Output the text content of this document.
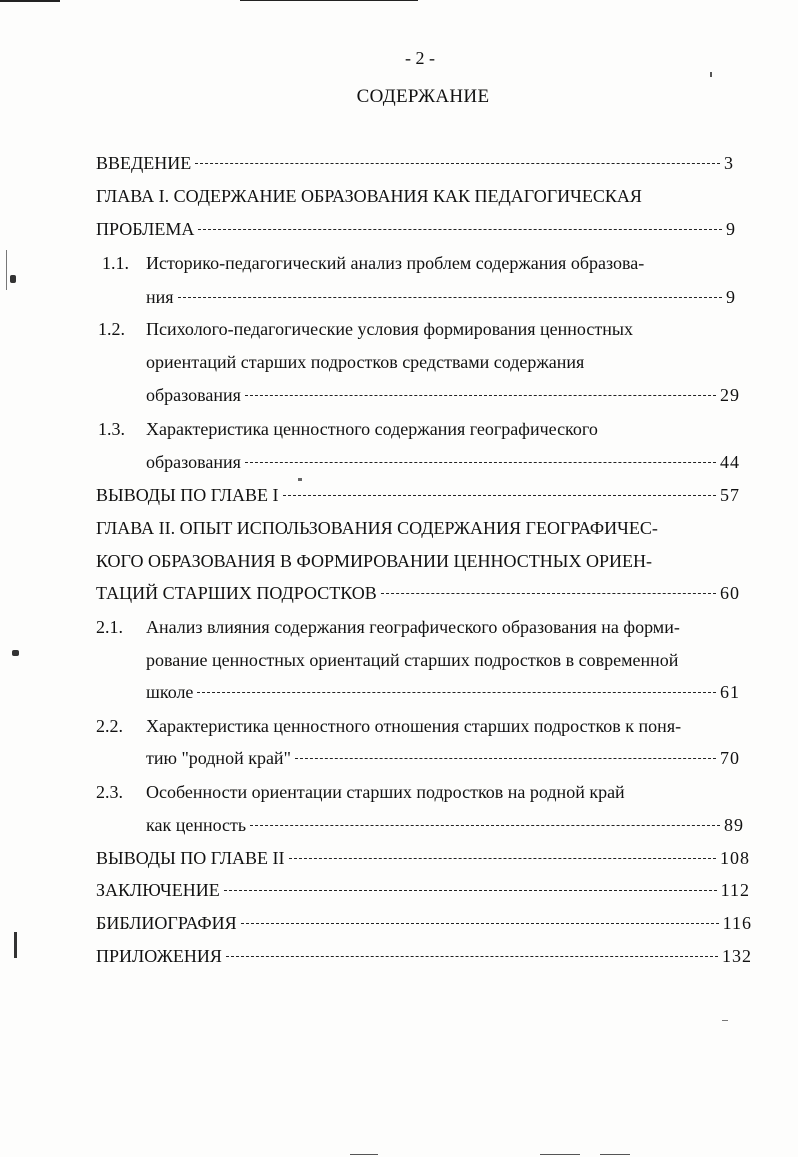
- 2 -
СОДЕРЖАНИЕ
ВВЕДЕНИЕ	3
ГЛАВА I. СОДЕРЖАНИЕ ОБРАЗОВАНИЯ КАК ПЕДАГОГИЧЕСКАЯ
ПРОБЛЕМА	9
1.1. Историко-педагогический анализ проблем содержания образова-
ния	9
1.2. Психолого-педагогические условия формирования ценностных
ориентаций старших подростков средствами содержания
образования	29
1.3. Характеристика ценностного содержания географического
образования	44
ВЫВОДЫ ПО ГЛАВЕ I	57
ГЛАВА II. ОПЫТ ИСПОЛЬЗОВАНИЯ СОДЕРЖАНИЯ ГЕОГРАФИЧЕС-
КОГО ОБРАЗОВАНИЯ В ФОРМИРОВАНИИ ЦЕННОСТНЫХ ОРИЕН-
ТАЦИЙ СТАРШИХ ПОДРОСТКОВ	60
2.1. Анализ влияния содержания географического образования на форми-
рование ценностных ориентаций старших подростков в современной
школе	61
2.2. Характеристика ценностного отношения старших подростков к поня-
тию "родной край"	70
2.3. Особенности ориентации старших подростков на родной край
как ценность	89
ВЫВОДЫ ПО ГЛАВЕ II	108
ЗАКЛЮЧЕНИЕ	112
БИБЛИОГРАФИЯ	116
ПРИЛОЖЕНИЯ	132
